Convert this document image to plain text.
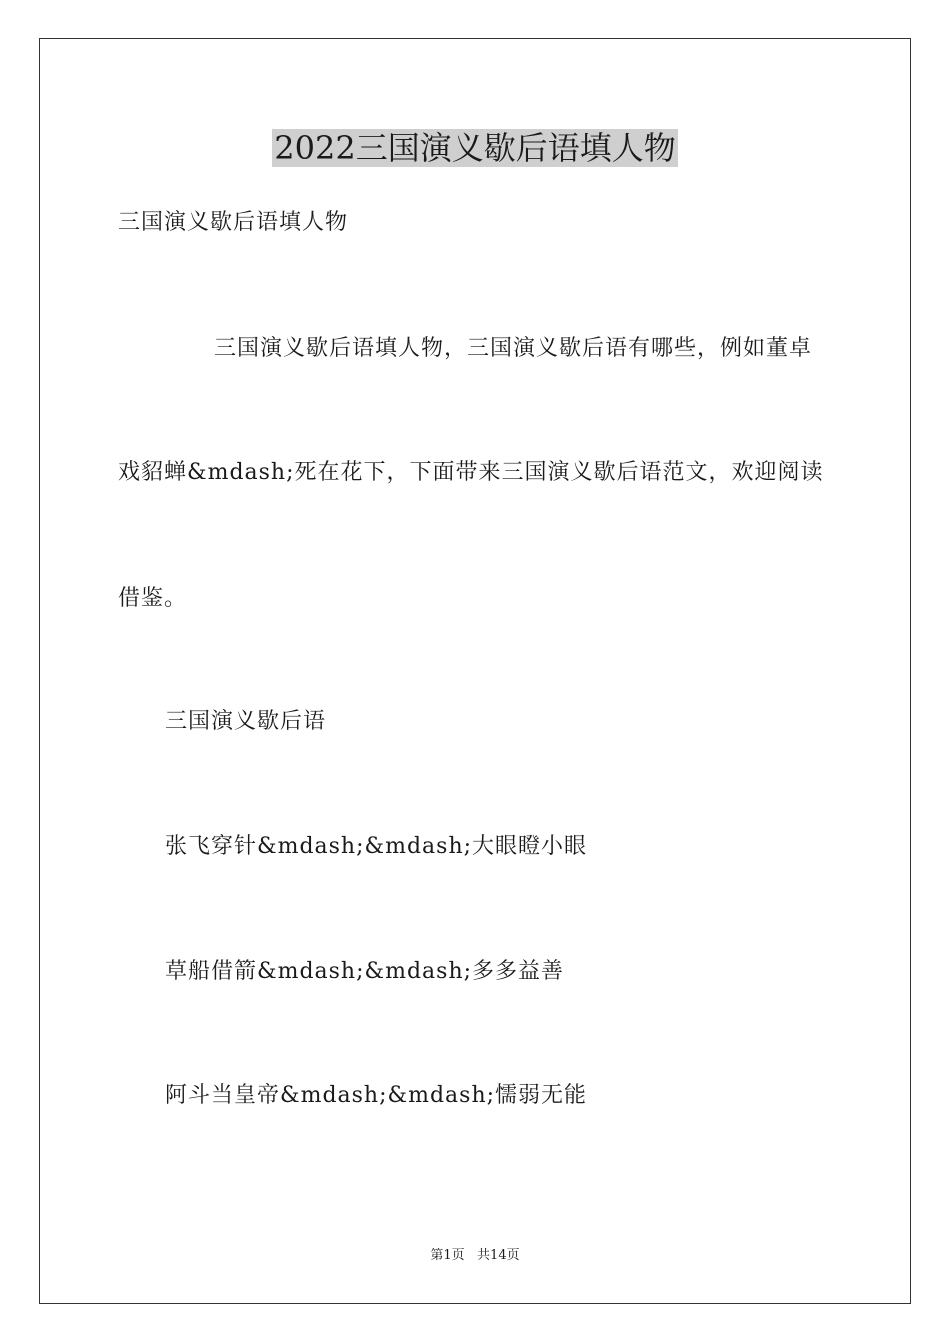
2022三国演义歇后语填人物

三国演义歇后语填人物

三国演义歇后语填人物，三国演义歇后语有哪些，例如董卓

戏貂蝉&mdash;死在花下，下面带来三国演义歇后语范文，欢迎阅读

借鉴。

三国演义歇后语

张飞穿针&mdash;&mdash;大眼瞪小眼

草船借箭&mdash;&mdash;多多益善

阿斗当皇帝&mdash;&mdash;懦弱无能

第1页   共14页
